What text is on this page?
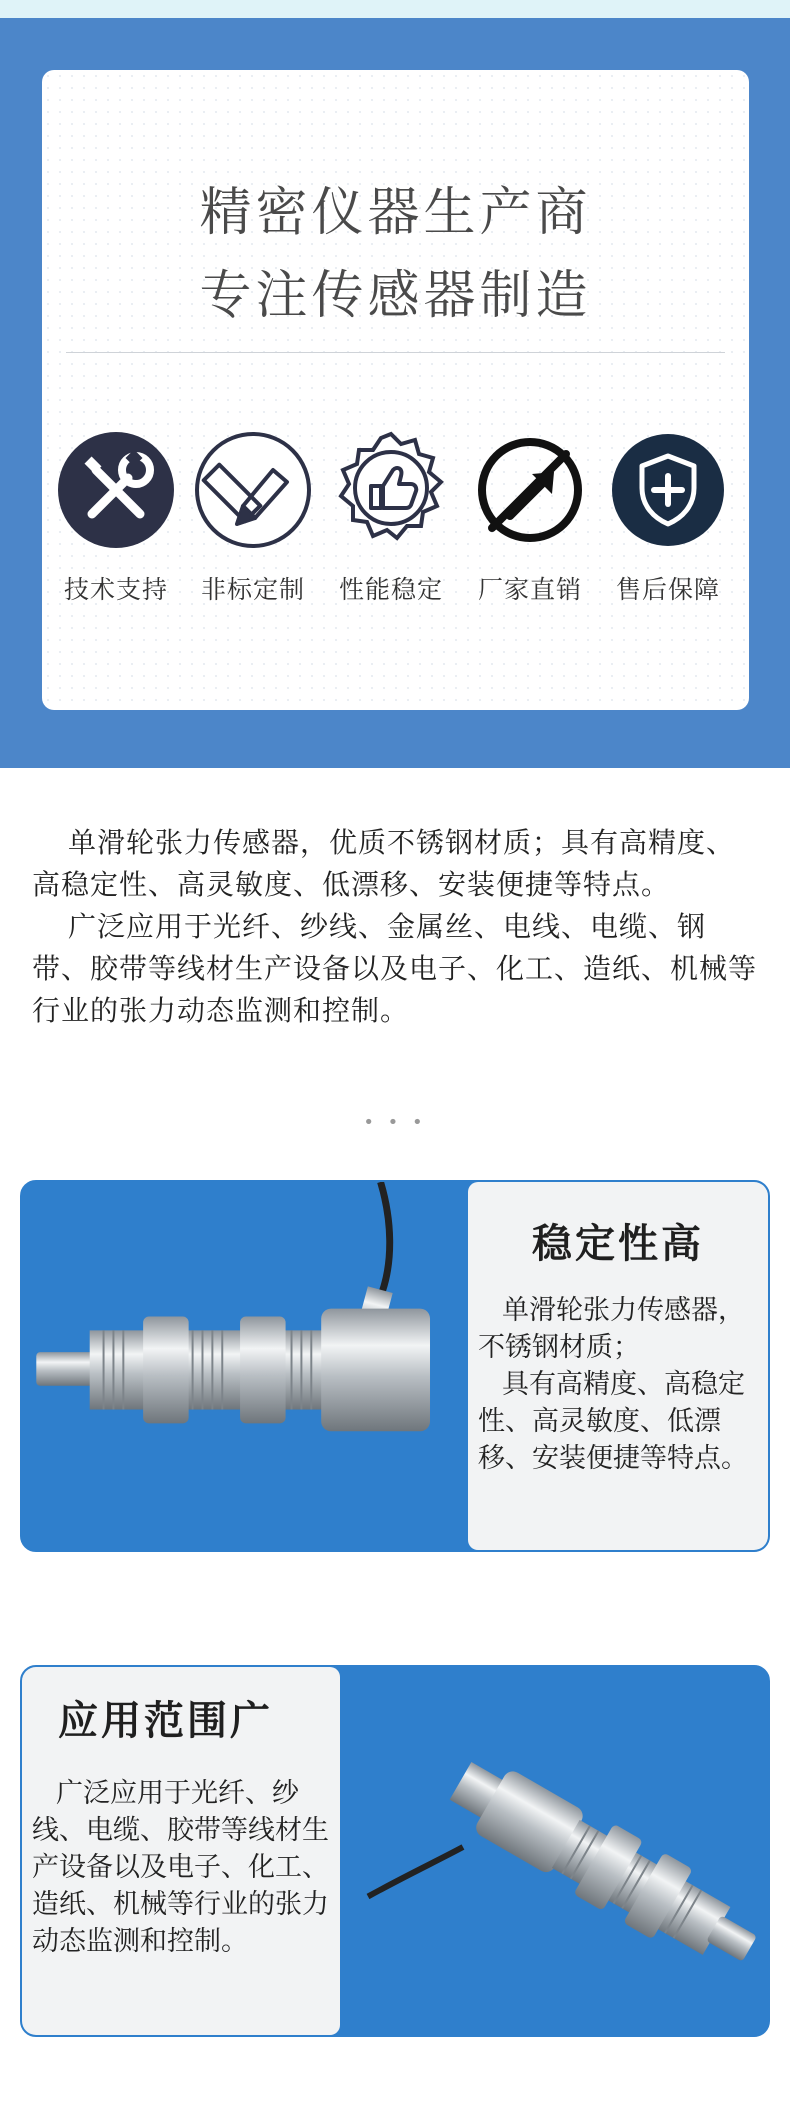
精密仪器生产商
专注传感器制造
技术支持	非标定制	性能稳定	厂家直销	售后保障

单滑轮张力传感器，优质不锈钢材质；具有高精度、高稳定性、高灵敏度、低漂移、安装便捷等特点。

广泛应用于光纤、纱线、金属丝、电线、电缆、钢带、胶带等线材生产设备以及电子、化工、造纸、机械等行业的张力动态监测和控制。

• • •
稳定性高

单滑轮张力传感器，不锈钢材质；

具有高精度、高稳定性、高灵敏度、低漂移、安装便捷等特点。

应用范围广

广泛应用于光纤、纱线、电缆、胶带等线材生产设备以及电子、化工、造纸、机械等行业的张力动态监测和控制。
